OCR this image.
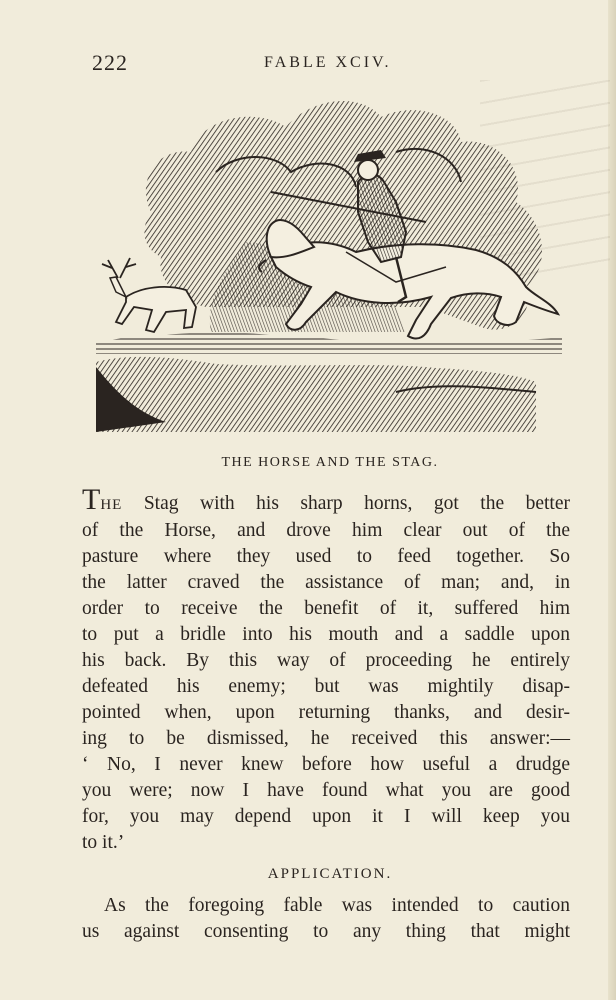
222	FABLE XCIV.
THE HORSE AND THE STAG.
THE Stag with his sharp horns, got the better
of the Horse, and drove him clear out of the
pasture where they used to feed together. So
the latter craved the assistance of man; and, in
order to receive the benefit of it, suffered him
to put a bridle into his mouth and a saddle upon
his back. By this way of proceeding he entirely
defeated his enemy; but was mightily disap-
pointed when, upon returning thanks, and desir-
ing to be dismissed, he received this answer:—
‘ No, I never knew before how useful a drudge
you were; now I have found what you are good
for, you may depend upon it I will keep you
to it.’
APPLICATION.
As the foregoing fable was intended to caution
us against consenting to any thing that might
